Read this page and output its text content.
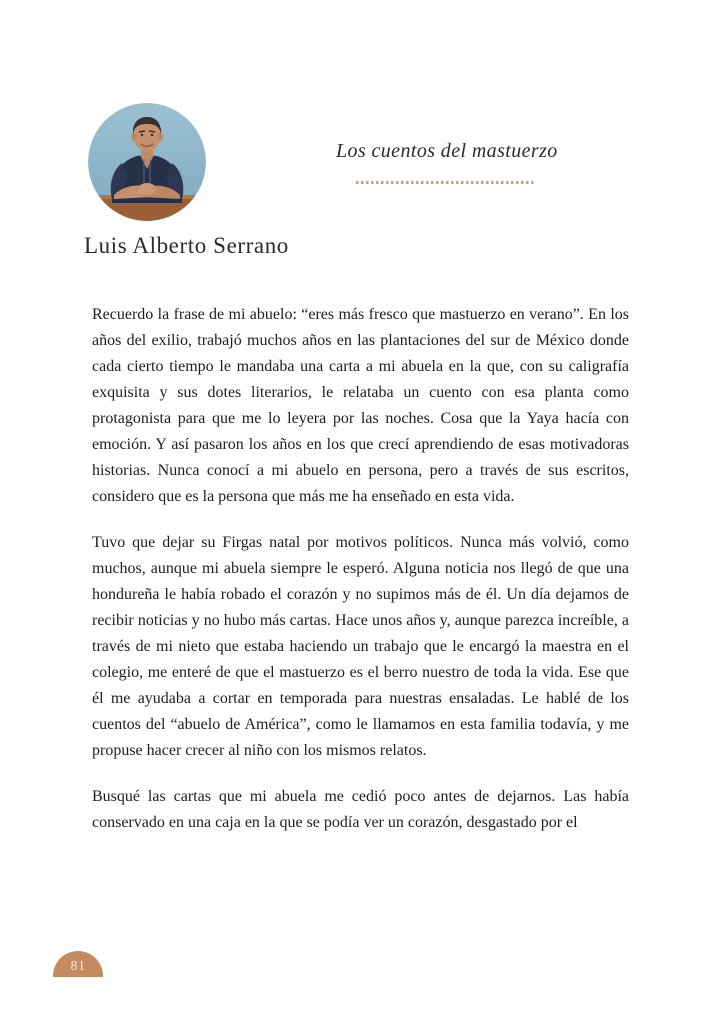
Los cuentos del mastuerzo
Luis Alberto Serrano

Recuerdo la frase de mi abuelo: “eres más fresco que mastuerzo en verano”. En los años del exilio, trabajó muchos años en las plantaciones del sur de México donde cada cierto tiempo le mandaba una carta a mi abuela en la que, con su caligrafía exquisita y sus dotes literarios, le relataba un cuento con esa planta como protagonista para que me lo leyera por las noches. Cosa que la Yaya hacía con emoción. Y así pasaron los años en los que crecí aprendiendo de esas motivadoras historias. Nunca conocí a mi abuelo en persona, pero a través de sus escritos, considero que es la persona que más me ha enseñado en esta vida.

Tuvo que dejar su Firgas natal por motivos políticos. Nunca más volvió, como muchos, aunque mi abuela siempre le esperó. Alguna noticia nos llegó de que una hondureña le había robado el corazón y no supimos más de él. Un día dejamos de recibir noticias y no hubo más cartas. Hace unos años y, aunque parezca increíble, a través de mi nieto que estaba haciendo un trabajo que le encargó la maestra en el colegio, me enteré de que el mastuerzo es el berro nuestro de toda la vida. Ese que él me ayudaba a cortar en temporada para nuestras ensaladas. Le hablé de los cuentos del “abuelo de América”, como le llamamos en esta familia todavía, y me propuse hacer crecer al niño con los mismos relatos.

Busqué las cartas que mi abuela me cedió poco antes de dejarnos. Las había conservado en una caja en la que se podía ver un corazón, desgastado por el

81
